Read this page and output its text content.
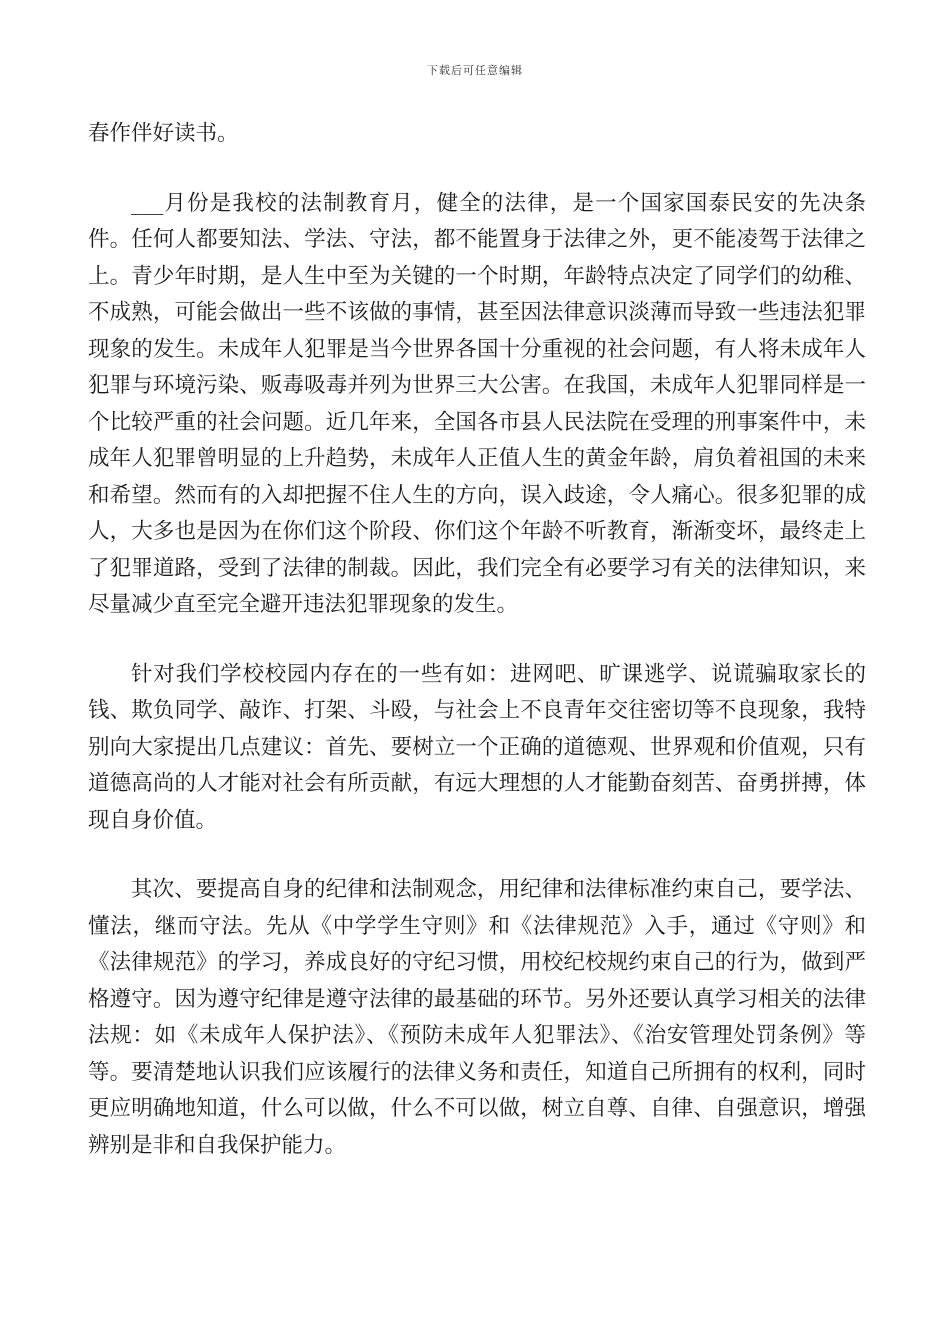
下载后可任意编辑

春作伴好读书。

___月份是我校的法制教育月，健全的法律，是一个国家国泰民安的先决条件。任何人都要知法、学法、守法，都不能置身于法律之外，更不能凌驾于法律之上。青少年时期，是人生中至为关键的一个时期，年龄特点决定了同学们的幼稚、不成熟，可能会做出一些不该做的事情，甚至因法律意识淡薄而导致一些违法犯罪现象的发生。未成年人犯罪是当今世界各国十分重视的社会问题，有人将未成年人犯罪与环境污染、贩毒吸毒并列为世界三大公害。在我国，未成年人犯罪同样是一个比较严重的社会问题。近几年来，全国各市县人民法院在受理的刑事案件中，未成年人犯罪曾明显的上升趋势，未成年人正值人生的黄金年龄，肩负着祖国的未来和希望。然而有的入却把握不住人生的方向，误入歧途，令人痛心。很多犯罪的成人，大多也是因为在你们这个阶段、你们这个年龄不听教育，渐渐变坏，最终走上了犯罪道路，受到了法律的制裁。因此，我们完全有必要学习有关的法律知识，来尽量减少直至完全避开违法犯罪现象的发生。

针对我们学校校园内存在的一些有如：进网吧、旷课逃学、说谎骗取家长的钱、欺负同学、敲诈、打架、斗殴，与社会上不良青年交往密切等不良现象，我特别向大家提出几点建议：首先、要树立一个正确的道德观、世界观和价值观，只有道德高尚的人才能对社会有所贡献，有远大理想的人才能勤奋刻苦、奋勇拼搏，体现自身价值。

其次、要提高自身的纪律和法制观念，用纪律和法律标准约束自己，要学法、懂法，继而守法。先从《中学学生守则》和《法律规范》入手，通过《守则》和《法律规范》的学习，养成良好的守纪习惯，用校纪校规约束自己的行为，做到严格遵守。因为遵守纪律是遵守法律的最基础的环节。另外还要认真学习相关的法律法规：如《未成年人保护法》、《预防未成年人犯罪法》、《治安管理处罚条例》等等。要清楚地认识我们应该履行的法律义务和责任，知道自己所拥有的权利，同时更应明确地知道，什么可以做，什么不可以做，树立自尊、自律、自强意识，增强辨别是非和自我保护能力。
